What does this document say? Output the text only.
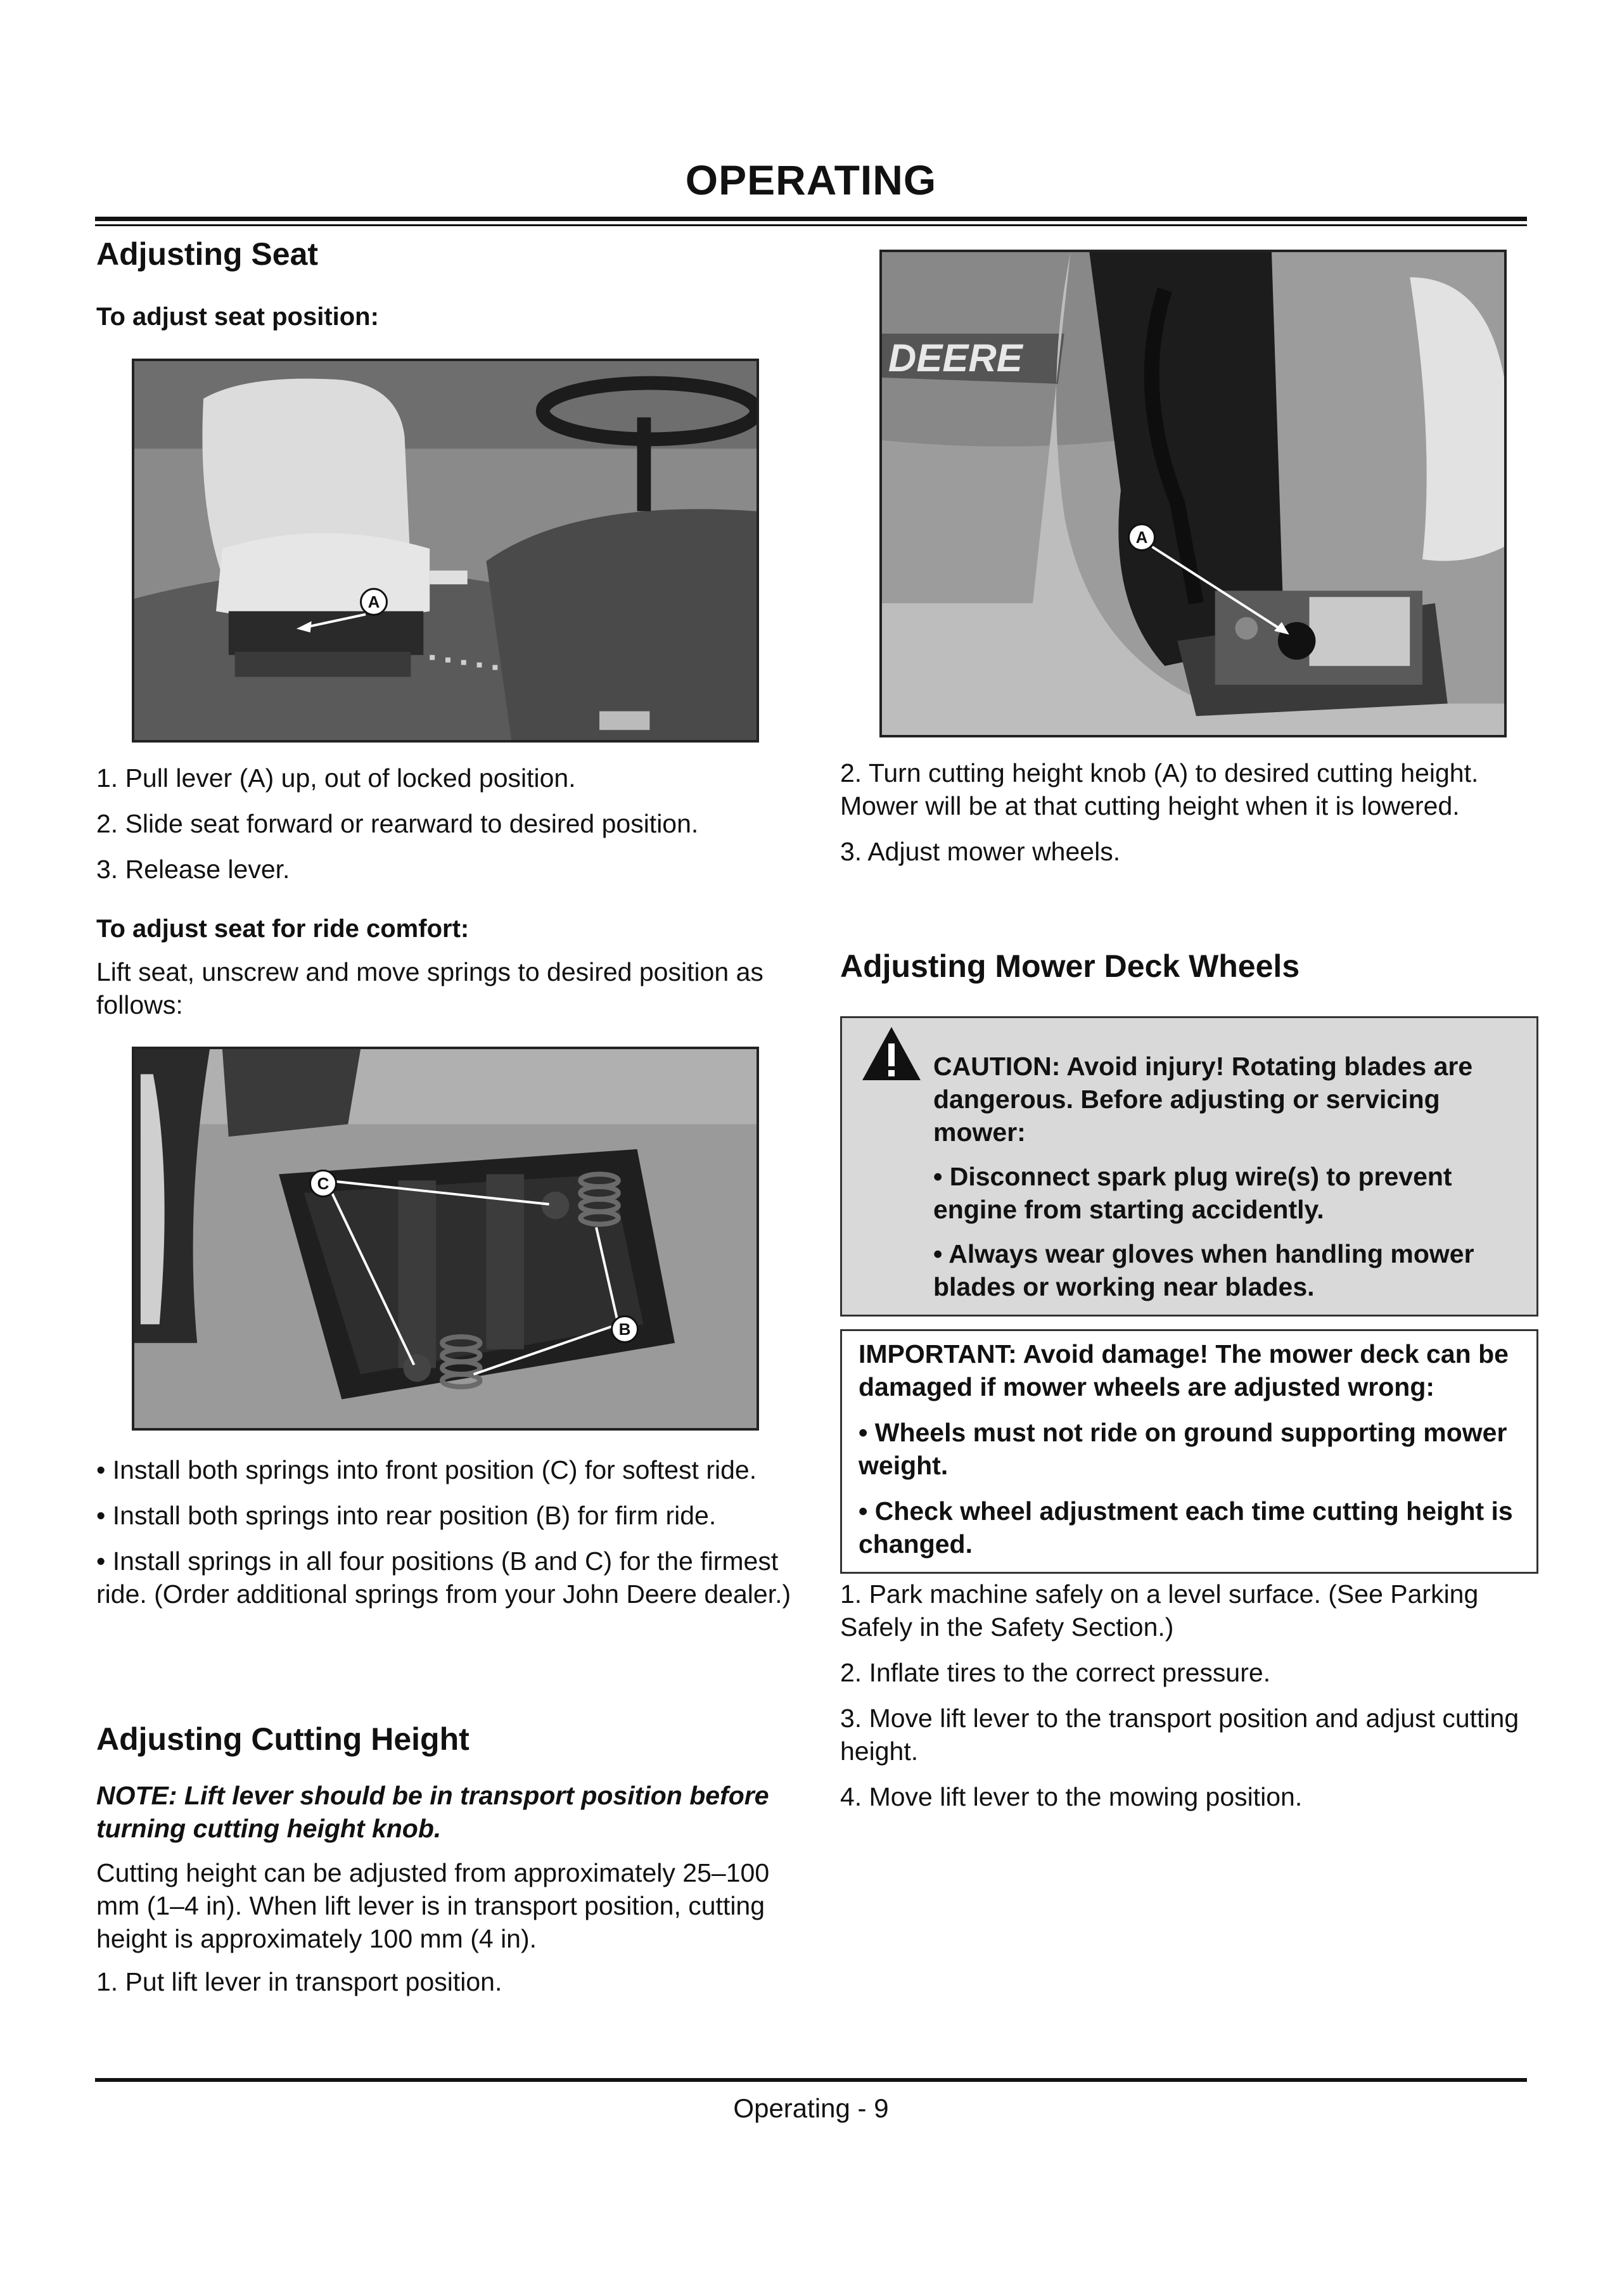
OPERATING
Adjusting Seat
To adjust seat position:
A
1. Pull lever (A) up, out of locked position.
2. Slide seat forward or rearward to desired position.
3. Release lever.
To adjust seat for ride comfort:
Lift seat, unscrew and move springs to desired position as follows:
C
B
• Install both springs into front position (C) for softest ride.
• Install both springs into rear position (B) for firm ride.
• Install springs in all four positions (B and C) for the firmest ride. (Order additional springs from your John Deere dealer.)
Adjusting Cutting Height
NOTE: Lift lever should be in transport position before turning cutting height knob.
Cutting height can be adjusted from approximately 25–100 mm (1–4 in). When lift lever is in transport position, cutting height is approximately 100 mm (4 in).
1. Put lift lever in transport position.
DEERE
A
2. Turn cutting height knob (A) to desired cutting height. Mower will be at that cutting height when it is lowered.
3. Adjust mower wheels.
Adjusting Mower Deck Wheels
CAUTION: Avoid injury! Rotating blades are dangerous. Before adjusting or servicing mower:
• Disconnect spark plug wire(s) to prevent engine from starting accidently.
• Always wear gloves when handling mower blades or working near blades.
IMPORTANT: Avoid damage! The mower deck can be damaged if mower wheels are adjusted wrong:
• Wheels must not ride on ground supporting mower weight.
• Check wheel adjustment each time cutting height is changed.
1. Park machine safely on a level surface. (See Parking Safely in the Safety Section.)
2. Inflate tires to the correct pressure.
3. Move lift lever to the transport position and adjust cutting height.
4. Move lift lever to the mowing position.
Operating - 9
